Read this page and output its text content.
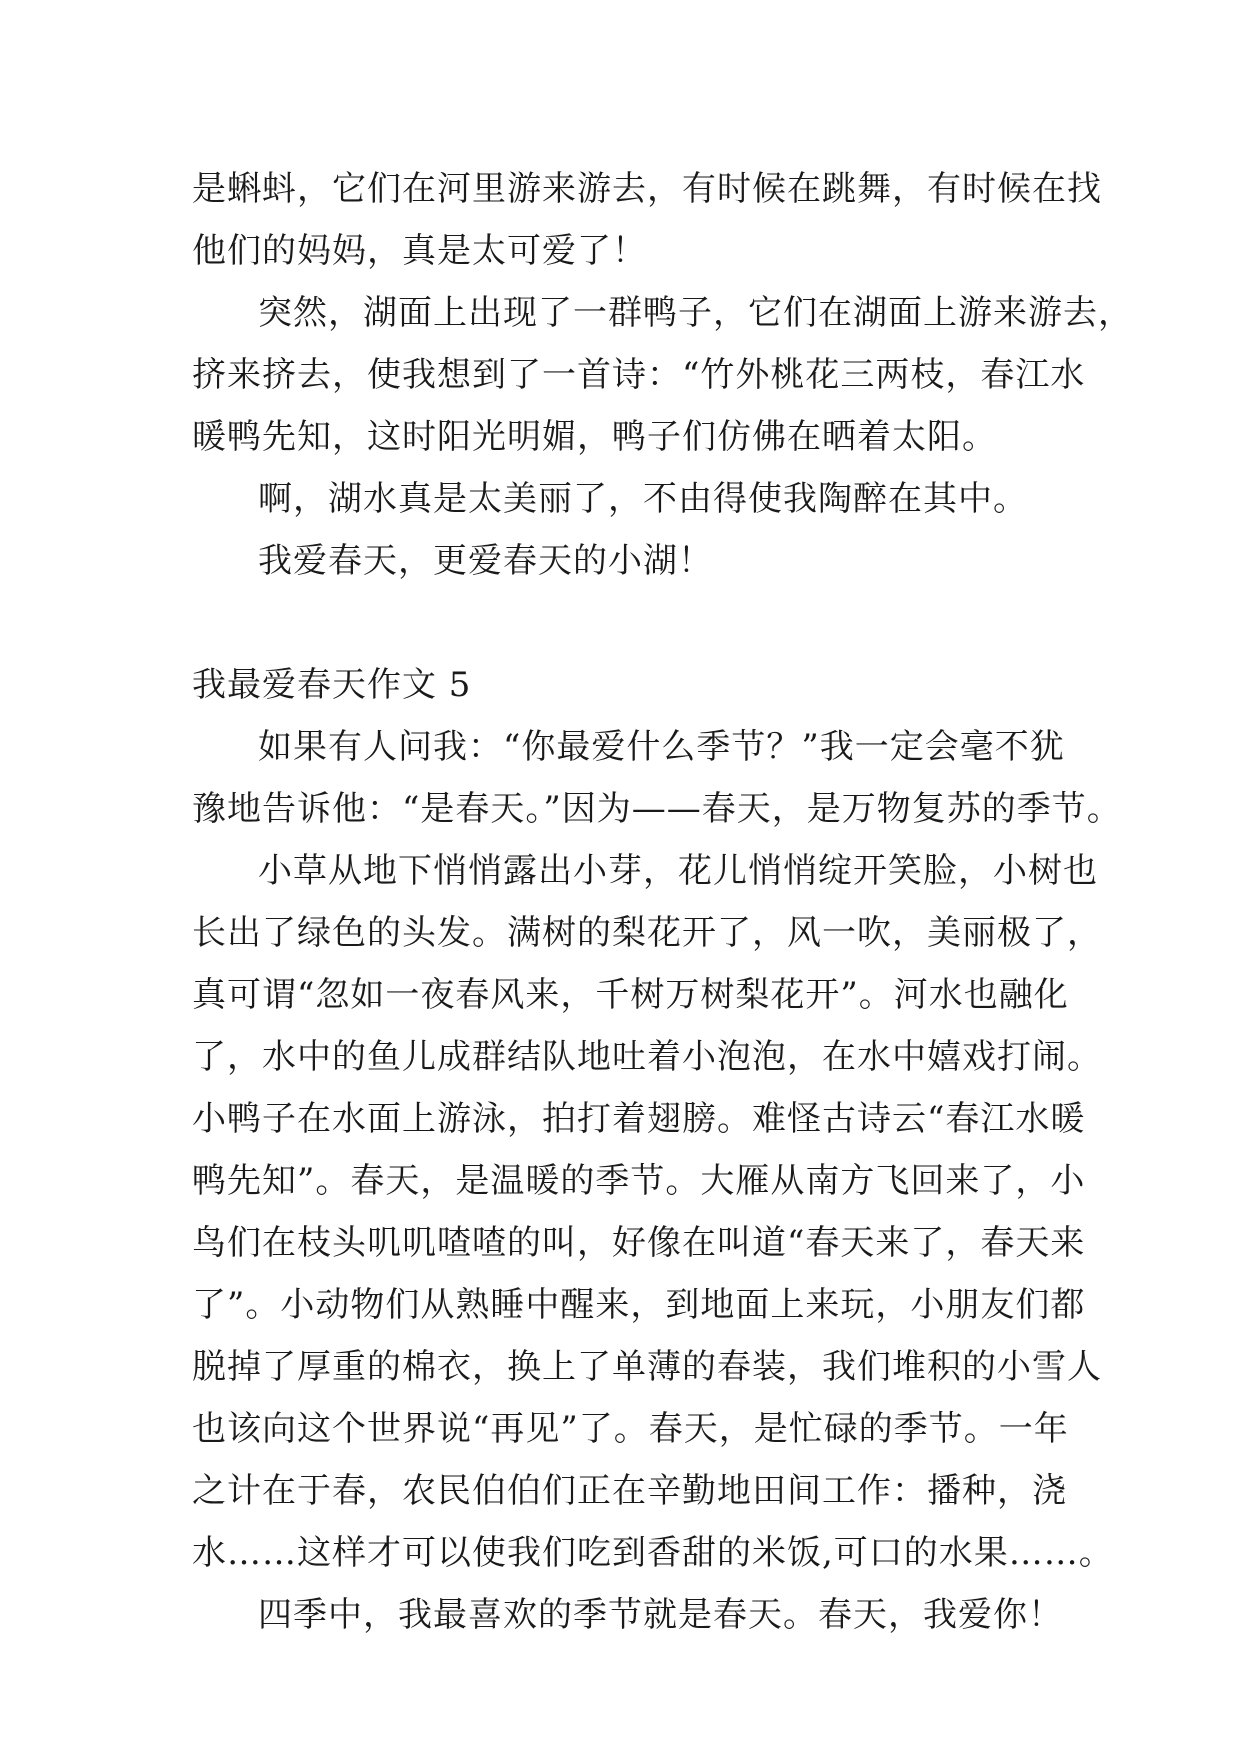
是蝌蚪，它们在河里游来游去，有时候在跳舞，有时候在找
他们的妈妈，真是太可爱了！
突然，湖面上出现了一群鸭子，它们在湖面上游来游去，
挤来挤去，使我想到了一首诗：“竹外桃花三两枝，春江水
暖鸭先知，这时阳光明媚，鸭子们仿佛在晒着太阳。
啊，湖水真是太美丽了，不由得使我陶醉在其中。
我爱春天，更爱春天的小湖！
我最爱春天作文 5
如果有人问我：“你最爱什么季节？”我一定会毫不犹
豫地告诉他：“是春天。”因为——春天，是万物复苏的季节。
小草从地下悄悄露出小芽，花儿悄悄绽开笑脸，小树也
长出了绿色的头发。满树的梨花开了，风一吹，美丽极了，
真可谓“忽如一夜春风来，千树万树梨花开”。河水也融化
了，水中的鱼儿成群结队地吐着小泡泡，在水中嬉戏打闹。
小鸭子在水面上游泳，拍打着翅膀。难怪古诗云“春江水暖
鸭先知”。春天，是温暖的季节。大雁从南方飞回来了，小
鸟们在枝头叽叽喳喳的叫，好像在叫道“春天来了，春天来
了”。小动物们从熟睡中醒来，到地面上来玩，小朋友们都
脱掉了厚重的棉衣，换上了单薄的春装，我们堆积的小雪人
也该向这个世界说“再见”了。春天，是忙碌的季节。一年
之计在于春，农民伯伯们正在辛勤地田间工作：播种，浇
水……这样才可以使我们吃到香甜的米饭,可口的水果……。
四季中，我最喜欢的季节就是春天。春天，我爱你！
